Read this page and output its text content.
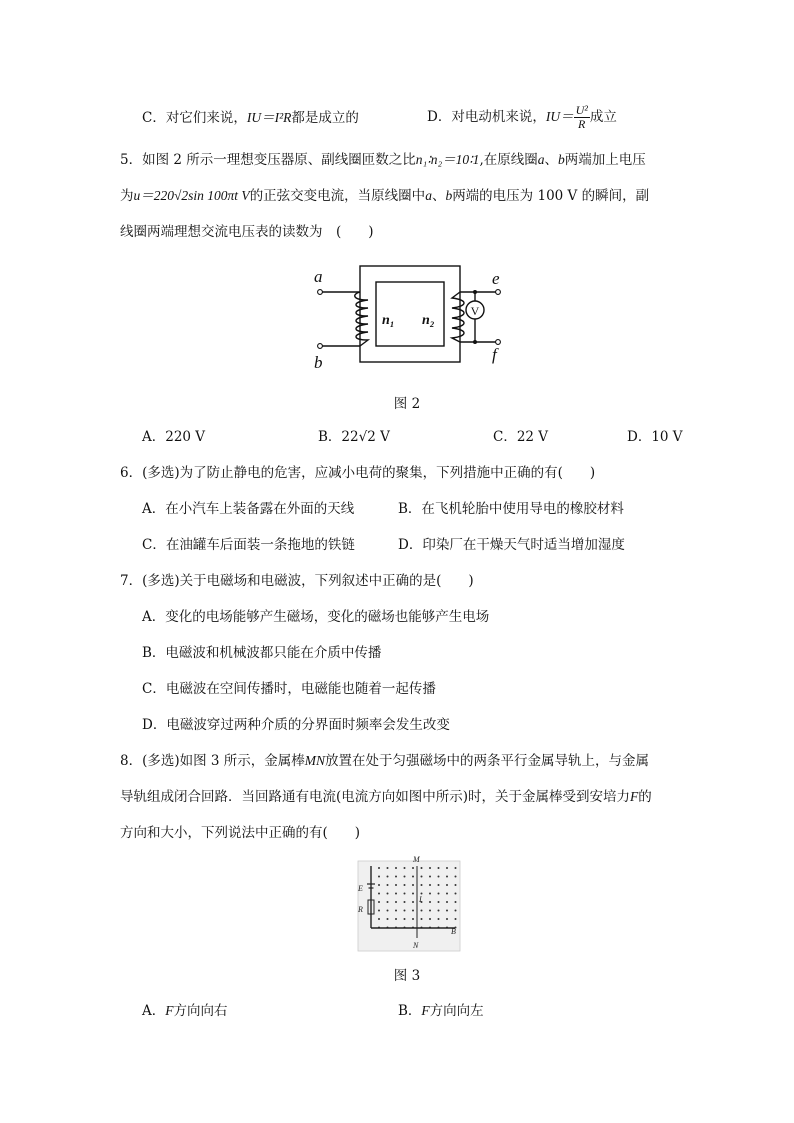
C．对它们来说，IU＝I²R都是成立的	D．对电动机来说，$IU= \frac{\text{U²}}{R}$ 成立
5．如图 2 所示一理想变压器原、副线圈匝数之比n₁∶n₂＝10∶1,在原线圈a、b两端加上电压
为u＝220√2sin 100πt V的正弦交变电流，当原线圈中a、b两端的电压为 100 V 的瞬间，副
线圈两端理想交流电压表的读数为　(　　)
a
b
e
f
n₁ n₂
V
图 2
A．220 V	B．22√2 V	C．22 V	D．10 V
6．(多选)为了防止静电的危害，应减小电荷的聚集，下列措施中正确的有(　　)
A．在小汽车上装备露在外面的天线	B．在飞机轮胎中使用导电的橡胶材料
C．在油罐车后面装一条拖地的铁链	D．印染厂在干燥天气时适当增加湿度
7．(多选)关于电磁场和电磁波，下列叙述中正确的是(　　)
A．变化的电场能够产生磁场，变化的磁场也能够产生电场
B．电磁波和机械波都只能在介质中传播
C．电磁波在空间传播时，电磁能也随着一起传播
D．电磁波穿过两种介质的分界面时频率会发生改变
8．(多选)如图 3 所示，金属棒MN放置在处于匀强磁场中的两条平行金属导轨上，与金属
导轨组成闭合回路．当回路通有电流(电流方向如图中所示)时，关于金属棒受到安培力F的
方向和大小，下列说法中正确的有(　　)
M
N
E
R
I
B
图 3
A．F方向向右	B．F方向向左
